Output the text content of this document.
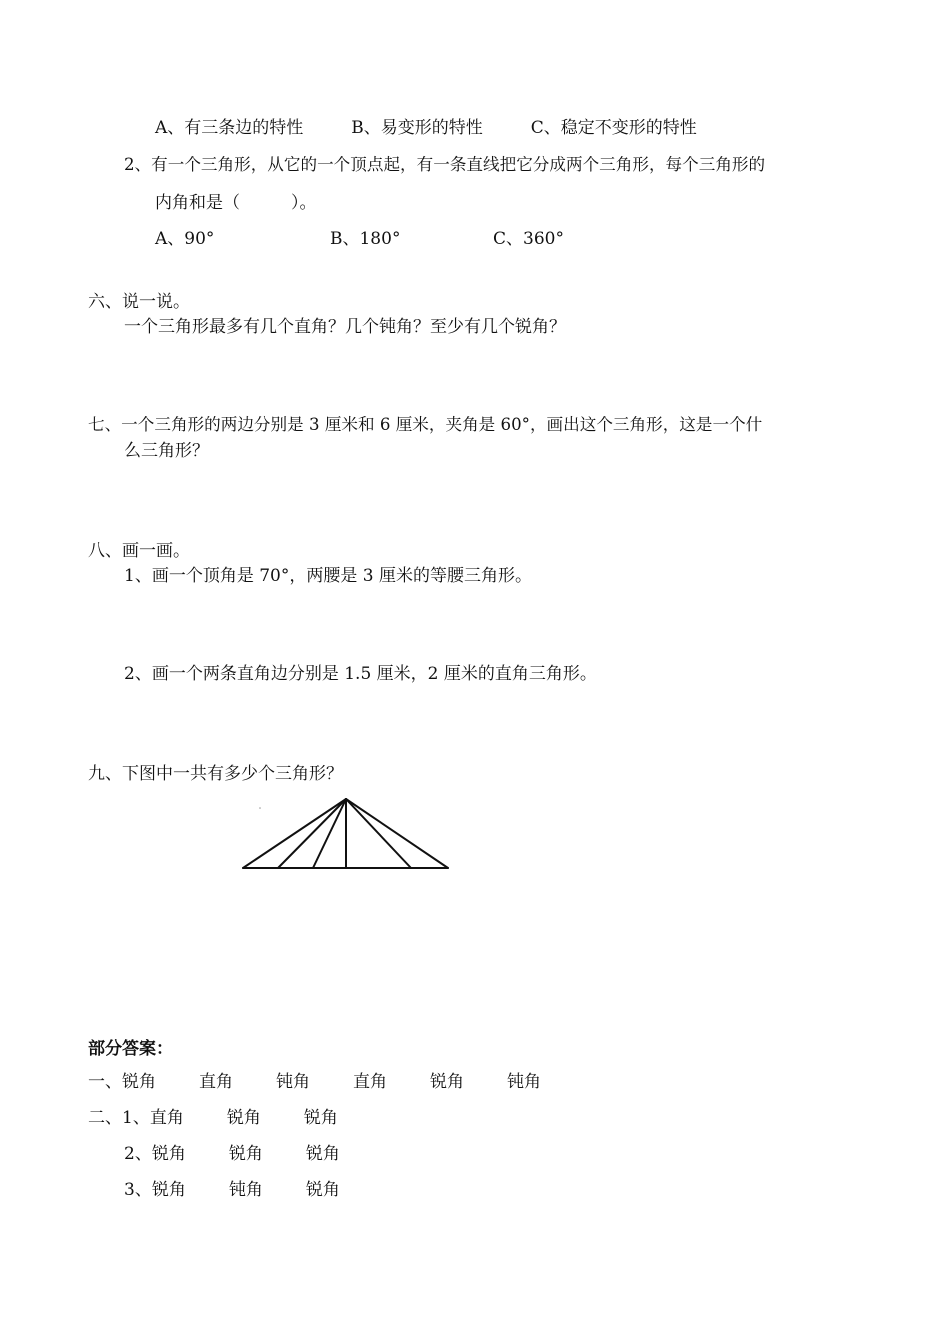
A、有三条边的特性	B、易变形的特性	C、稳定不变形的特性
2、有一个三角形，从它的一个顶点起，有一条直线把它分成两个三角形，每个三角形的
内角和是（　　　）。
A、90°	B、180°	C、360°
六、说一说。
一个三角形最多有几个直角？几个钝角？至少有几个锐角？
七、一个三角形的两边分别是 3 厘米和 6 厘米，夹角是 60°，画出这个三角形，这是一个什
么三角形？
八、画一画。
1、画一个顶角是 70°，两腰是 3 厘米的等腰三角形。
2、画一个两条直角边分别是 1.5 厘米，2 厘米的直角三角形。
九、下图中一共有多少个三角形？
部分答案：
一、锐角	直角	钝角	直角	锐角	钝角
二、1、直角	锐角	锐角
2、锐角	锐角	锐角
3、锐角	钝角	锐角
